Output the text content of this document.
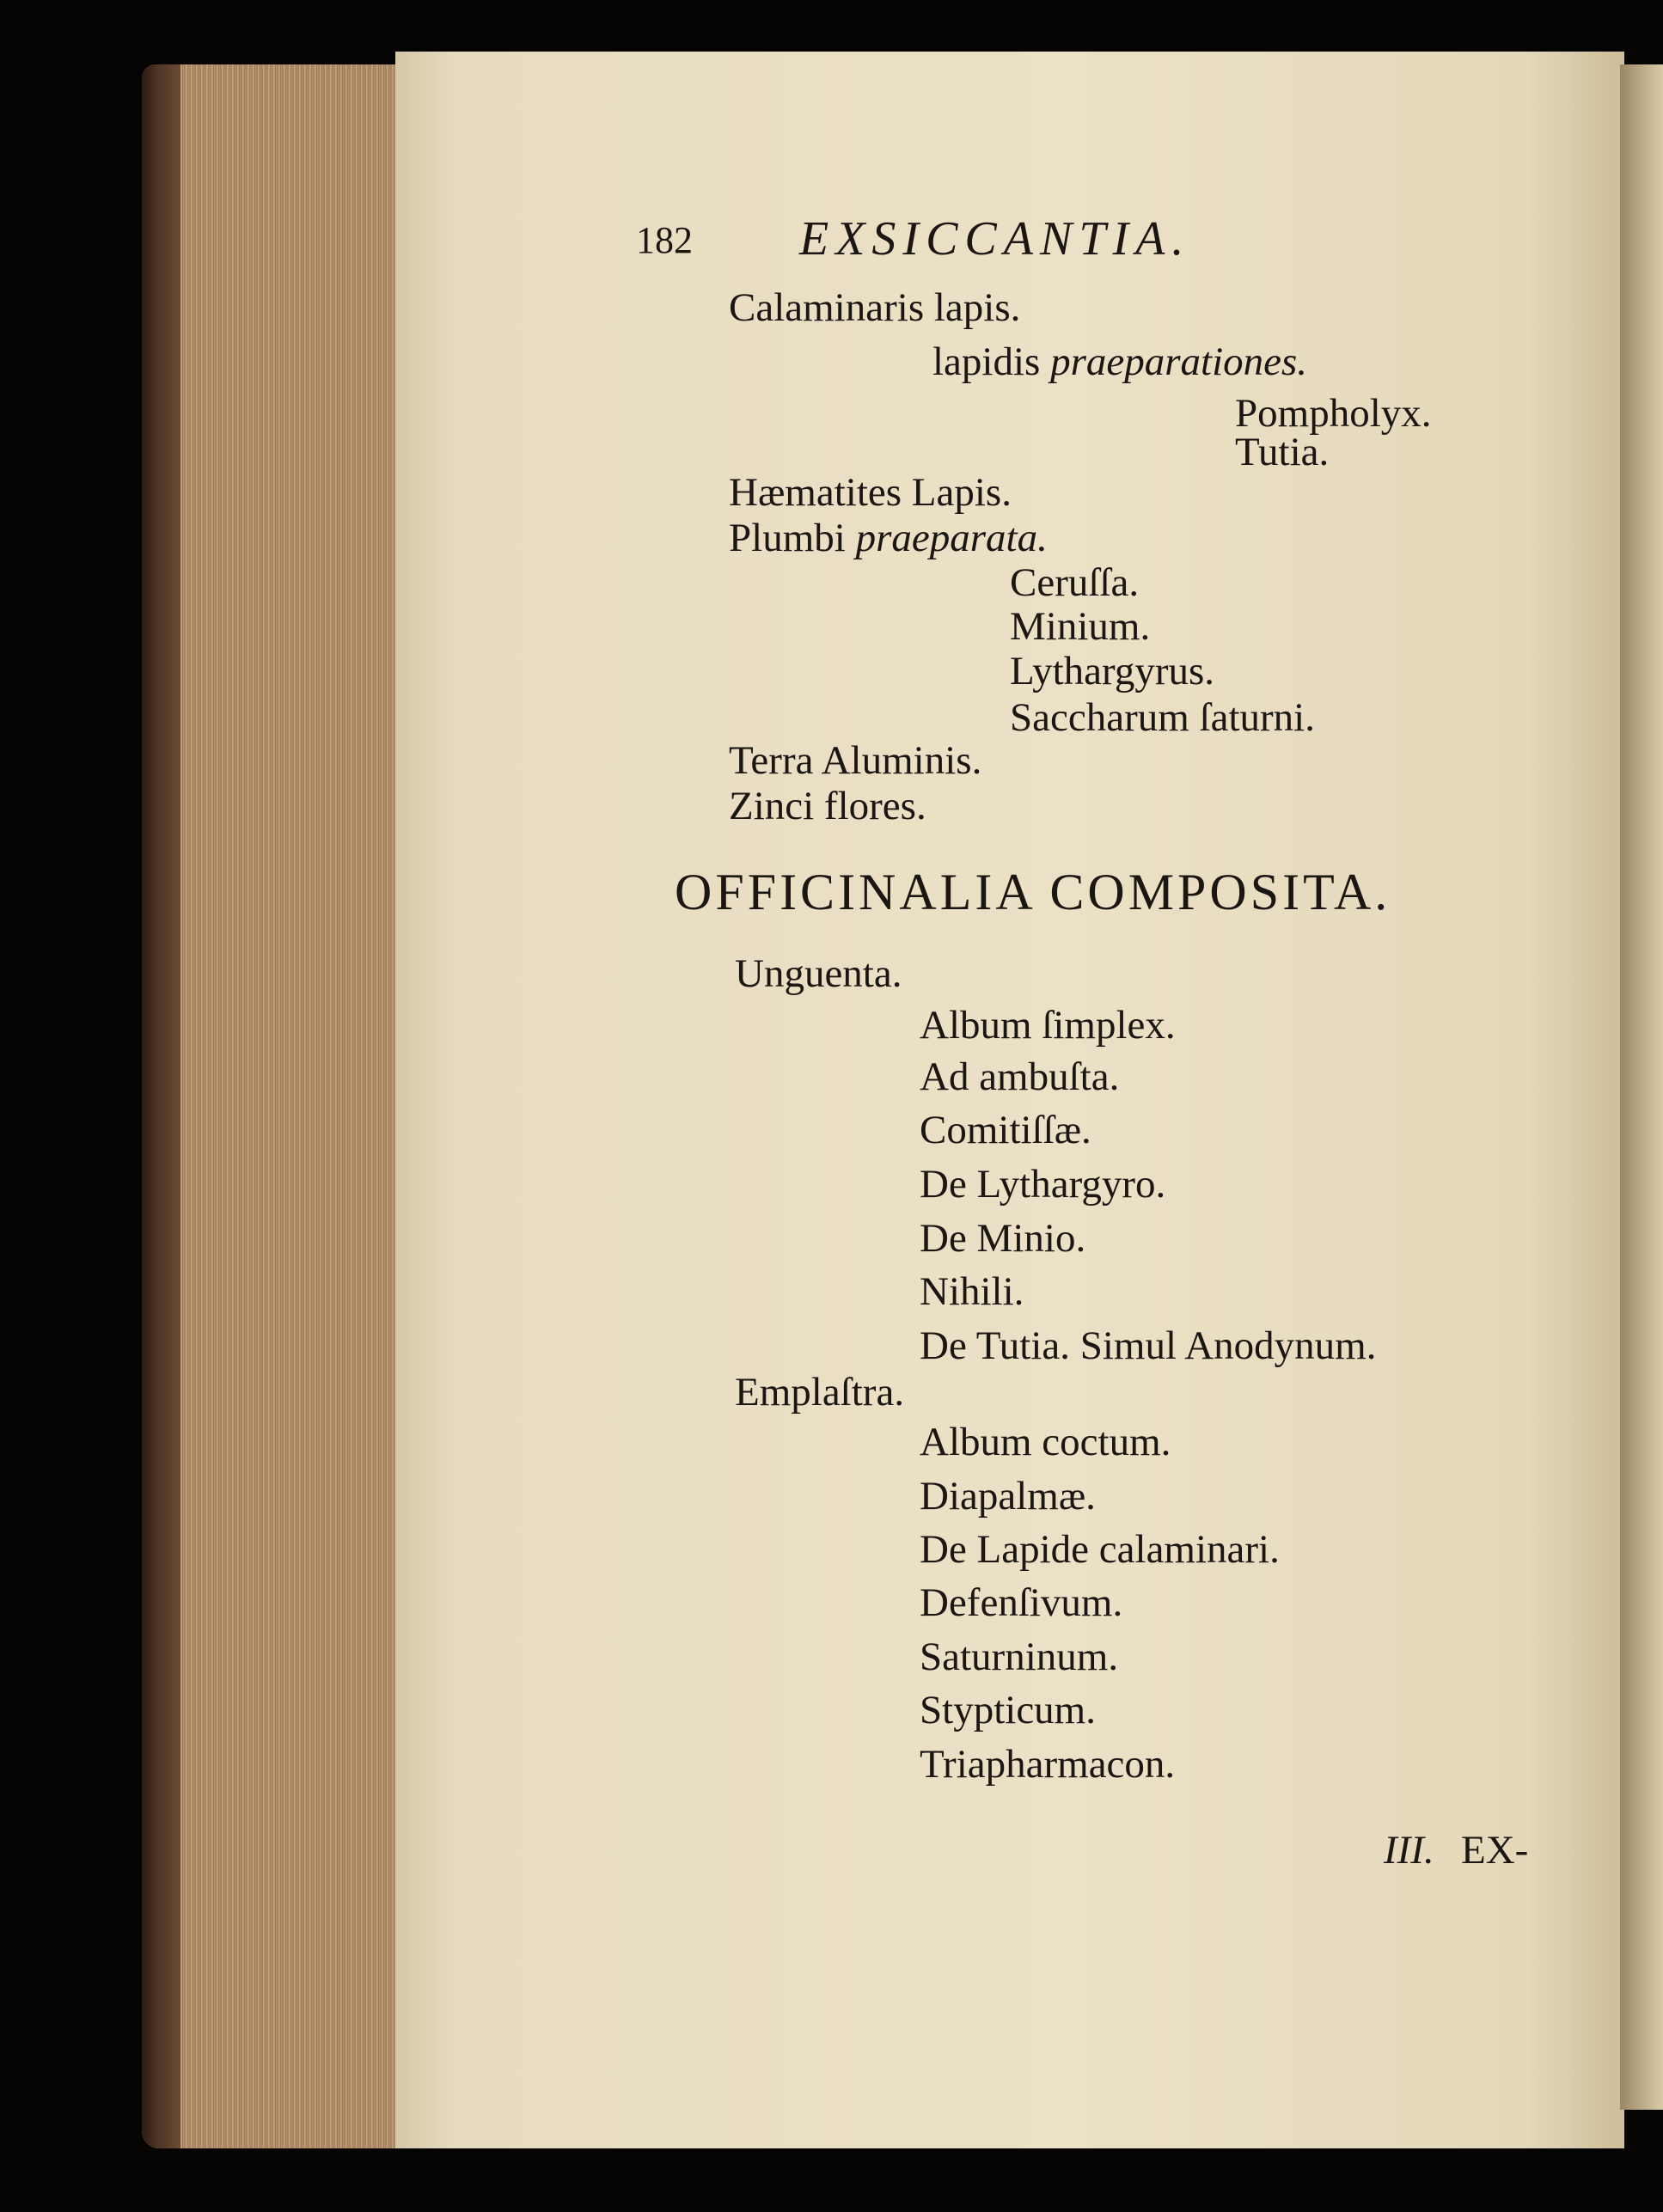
182 EXSICCANTIA.
Calaminaris lapis.
lapidis praeparationes.
Pompholyx.
Tutia.
Hæmatites Lapis.
Plumbi praeparata.
Ceruſſa.
Minium.
Lythargyrus.
Saccharum ſaturni.
Terra Aluminis.
Zinci flores.
OFFICINALIA COMPOSITA.
Unguenta.
Album ſimplex.
Ad ambuſta.
Comitiſſæ.
De Lythargyro.
De Minio.
Nihili.
De Tutia. Simul Anodynum.
Emplaſtra.
Album coctum.
Diapalmæ.
De Lapide calaminari.
Defenſivum.
Saturninum.
Stypticum.
Triapharmacon.
III. EX-
